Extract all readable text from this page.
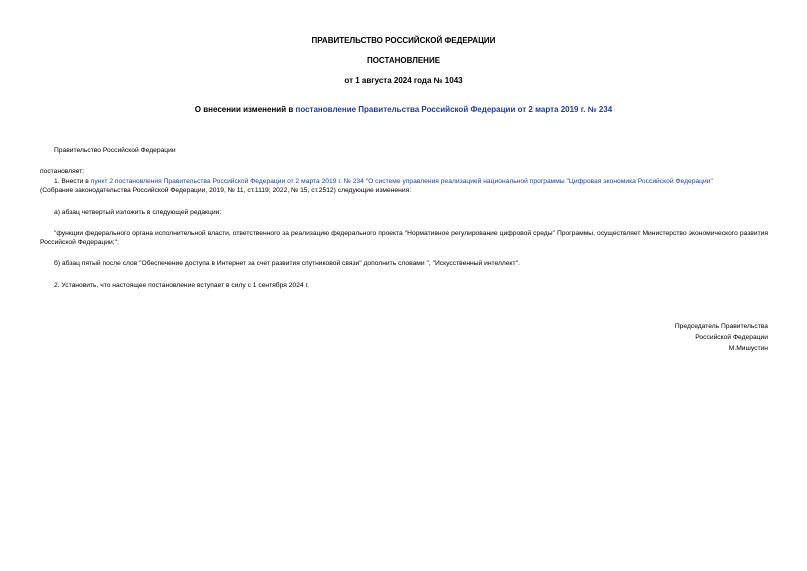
ПРАВИТЕЛЬСТВО РОССИЙСКОЙ ФЕДЕРАЦИИ
ПОСТАНОВЛЕНИЕ
от 1 августа 2024 года № 1043
О внесении изменений в постановление Правительства Российской Федерации от 2 марта 2019 г. № 234
Правительство Российской Федерации
постановляет:
1. Внести в пункт 2 постановления Правительства Российской Федерации от 2 марта 2019 г. № 234 "О системе управления реализацией национальной программы "Цифровая экономика Российской Федерации"
(Собрание законодательства Российской Федерации, 2019, № 11, ст.1119; 2022, № 15, ст.2512) следующие изменения:
а) абзац четвертый изложить в следующей редакции:
"функции федерального органа исполнительной власти, ответственного за реализацию федерального проекта "Нормативное регулирование цифровой среды" Программы, осуществляет Министерство экономического развития Российской Федерации;";
б) абзац пятый после слов "Обеспечение доступа в Интернет за счет развития спутниковой связи" дополнить словами ", "Искусственный интеллект".
2. Установить, что настоящее постановление вступает в силу с 1 сентября 2024 г.
Председатель Правительства
Российской Федерации
М.Мишустин
